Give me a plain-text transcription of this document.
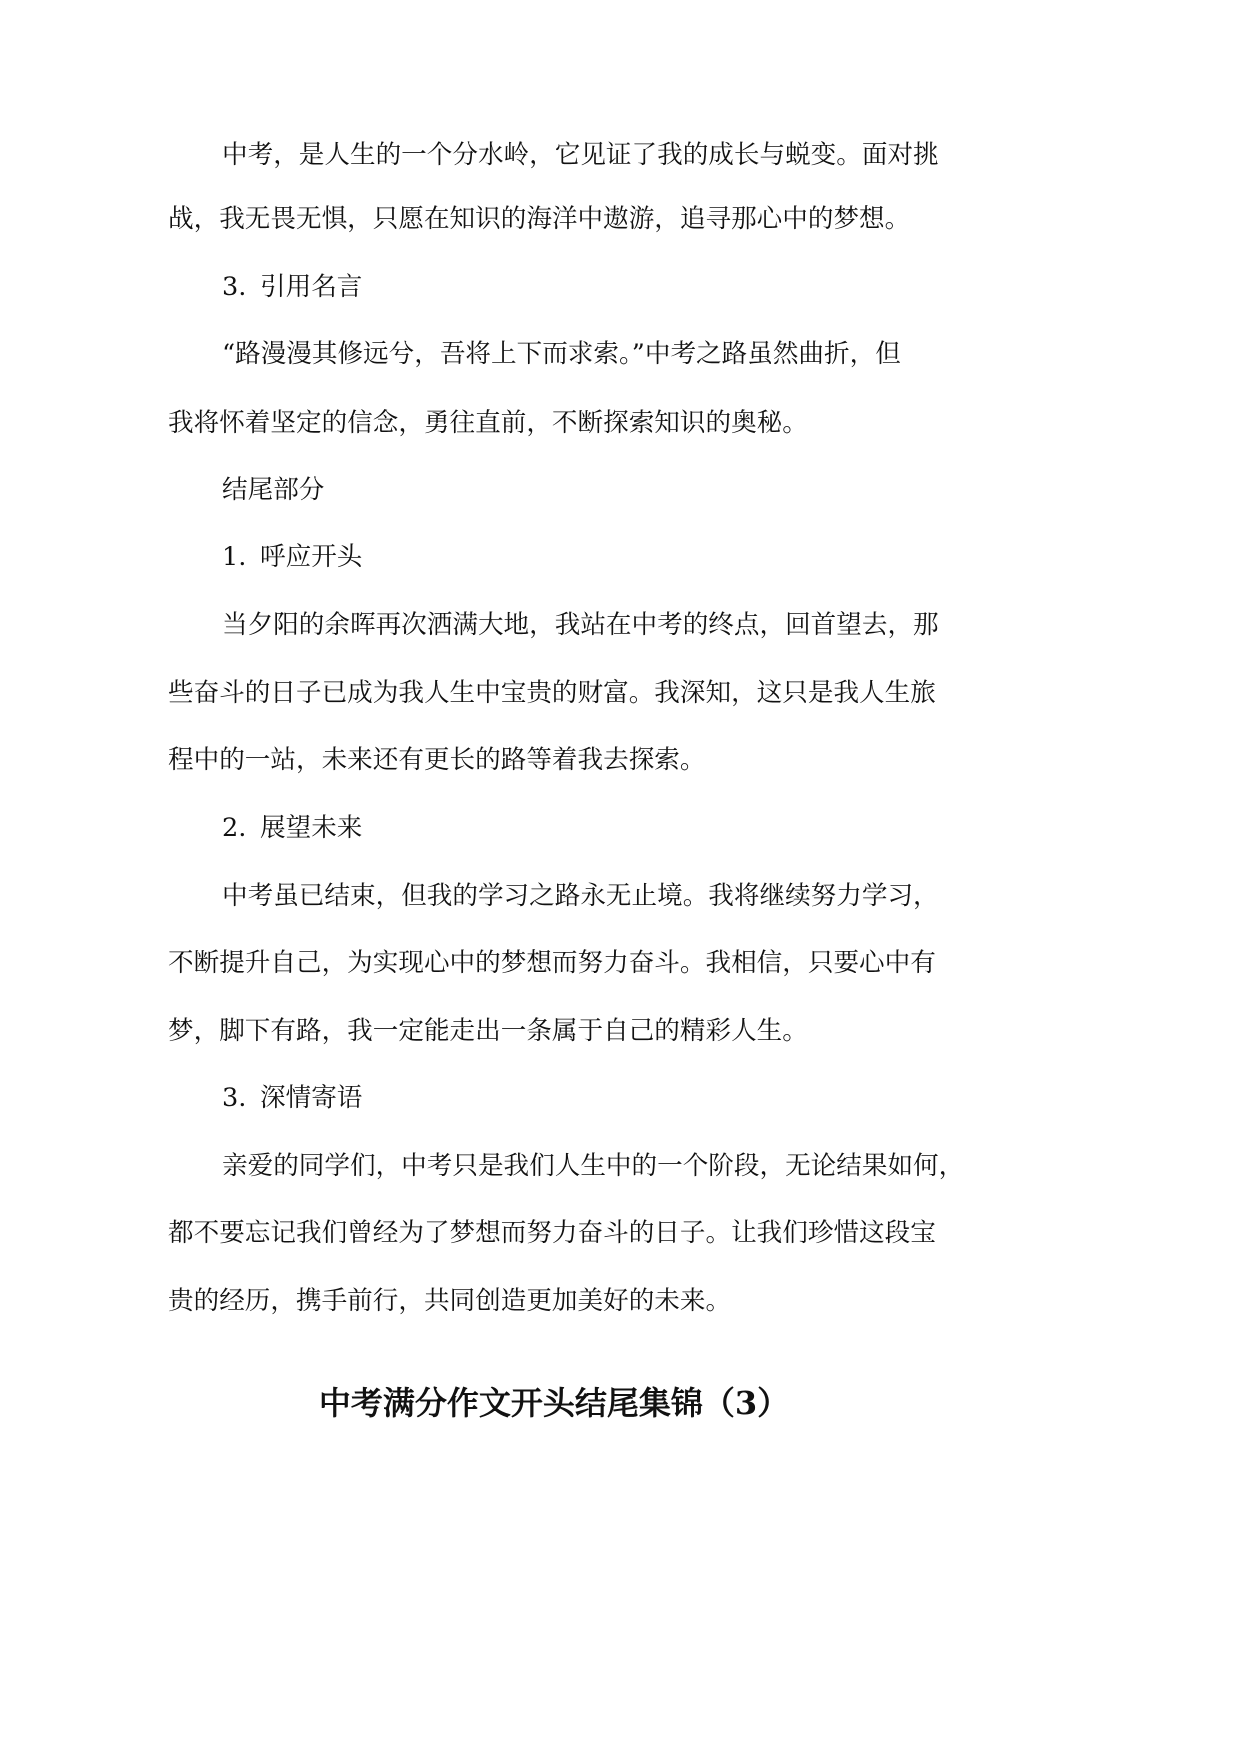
中考，是人生的一个分水岭，它见证了我的成长与蜕变。面对挑
战，我无畏无惧，只愿在知识的海洋中遨游，追寻那心中的梦想。
3. 引用名言
“路漫漫其修远兮，吾将上下而求索。”中考之路虽然曲折，但
我将怀着坚定的信念，勇往直前，不断探索知识的奥秘。
结尾部分
1. 呼应开头
当夕阳的余晖再次洒满大地，我站在中考的终点，回首望去，那
些奋斗的日子已成为我人生中宝贵的财富。我深知，这只是我人生旅
程中的一站，未来还有更长的路等着我去探索。
2. 展望未来
中考虽已结束，但我的学习之路永无止境。我将继续努力学习，
不断提升自己，为实现心中的梦想而努力奋斗。我相信，只要心中有
梦，脚下有路，我一定能走出一条属于自己的精彩人生。
3. 深情寄语
亲爱的同学们，中考只是我们人生中的一个阶段，无论结果如何，
都不要忘记我们曾经为了梦想而努力奋斗的日子。让我们珍惜这段宝
贵的经历，携手前行，共同创造更加美好的未来。
中考满分作文开头结尾集锦（3）
